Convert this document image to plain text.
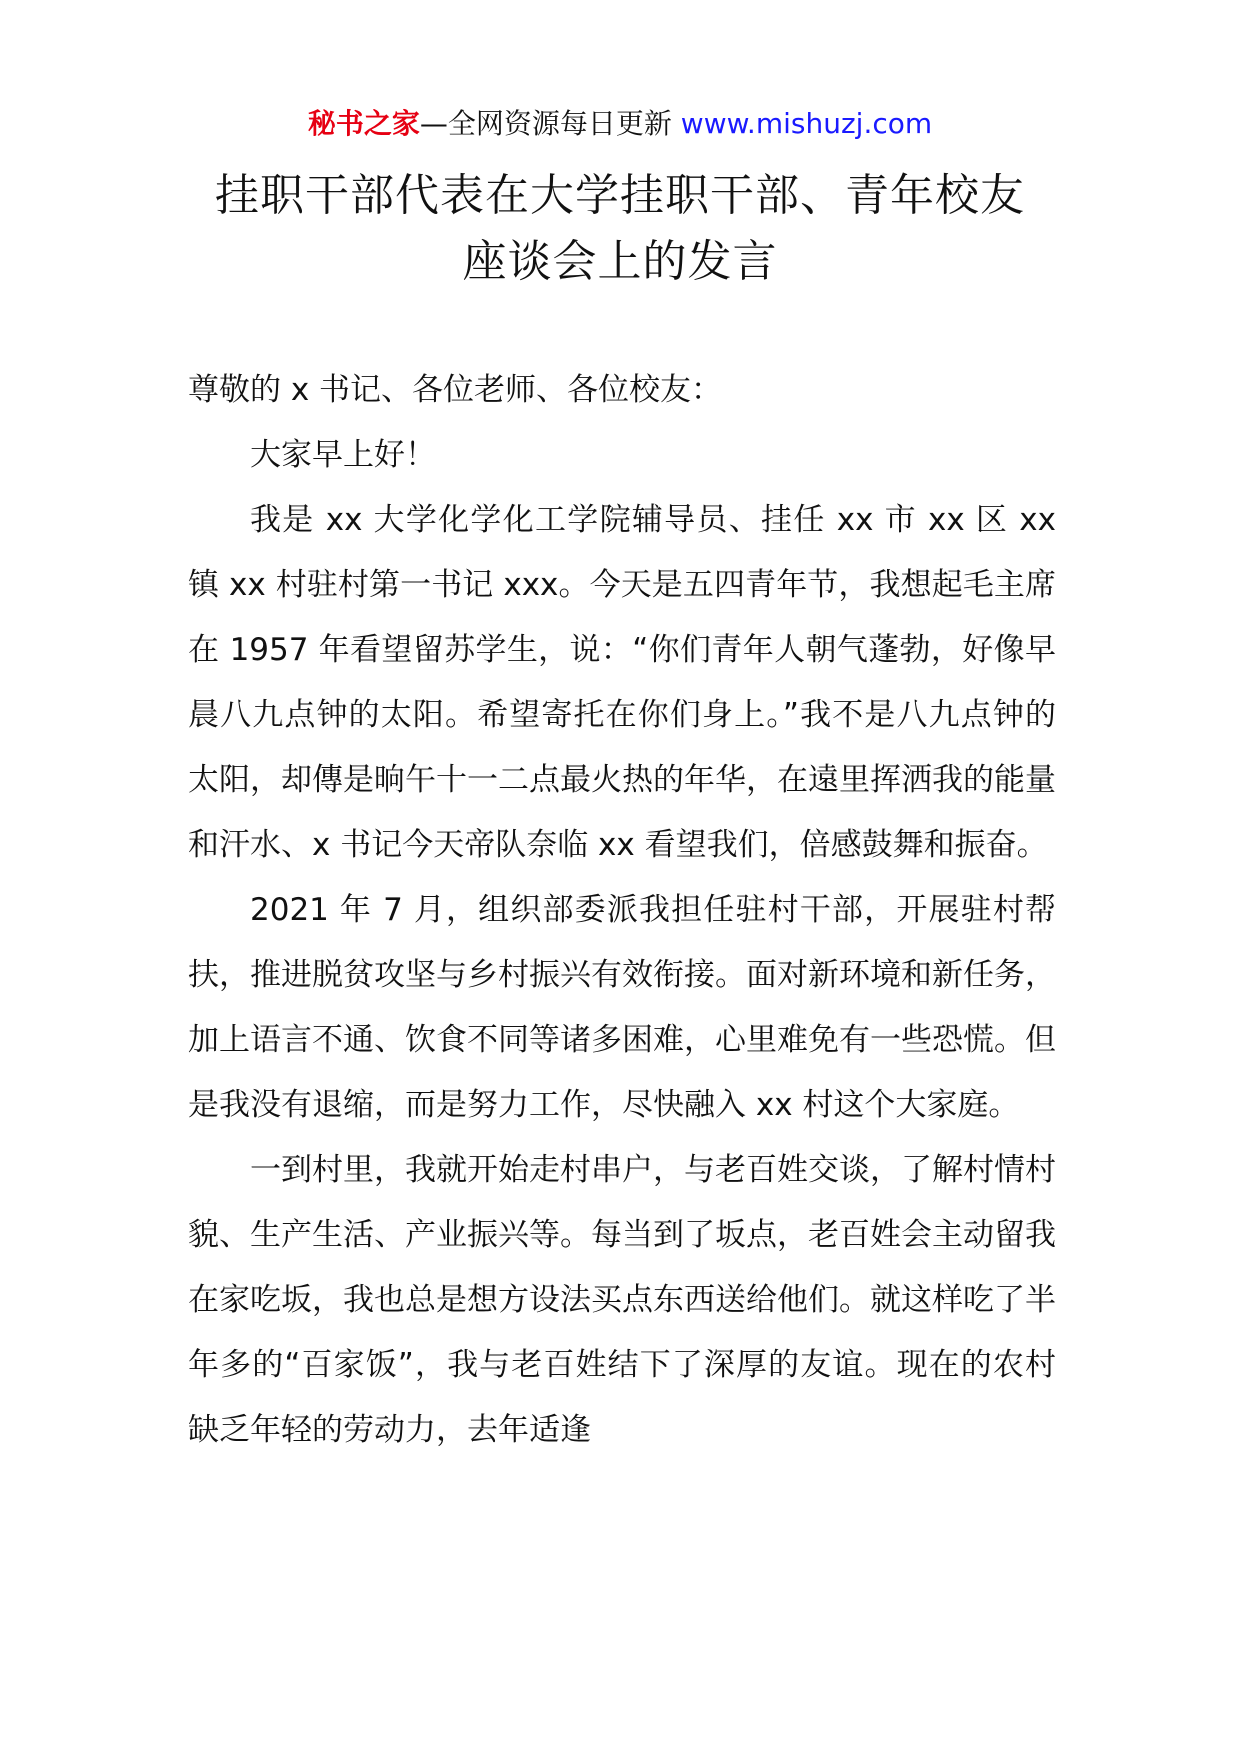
秘书之家—全网资源每日更新 www.mishuzj.com
挂职干部代表在大学挂职干部、青年校友
座谈会上的发言

尊敬的 x 书记、各位老师、各位校友：

大家早上好！

我是 xx 大学化学化工学院辅导员、挂任 xx 市 xx 区 xx 镇 xx 村驻村第一书记 xxx。今天是五四青年节，我想起毛主席在 1957 年看望留苏学生，说：“你们青年人朝气蓬勃，好像早晨八九点钟的太阳。希望寄托在你们身上。”我不是八九点钟的太阳，却傳是晌午十一二点最火热的年华，在遠里挥洒我的能量和汗水、x 书记今天帝队奈临 xx 看望我们，倍感鼓舞和振奋。

2021 年 7 月，组织部委派我担任驻村干部，开展驻村帮扶，推进脱贫攻坚与乡村振兴有效衔接。面对新环境和新任务，加上语言不通、饮食不同等诸多困难，心里难免有一些恐慌。但是我没有退缩，而是努力工作，尽快融入 xx 村这个大家庭。

一到村里，我就开始走村串户，与老百姓交谈，了解村情村貌、生产生活、产业振兴等。每当到了坂点，老百姓会主动留我在家吃坂，我也总是想方设法买点东西送给他们。就这样吃了半年多的“百家饭”，我与老百姓结下了深厚的友谊。现在的农村缺乏年轻的劳动力，去年适逢
